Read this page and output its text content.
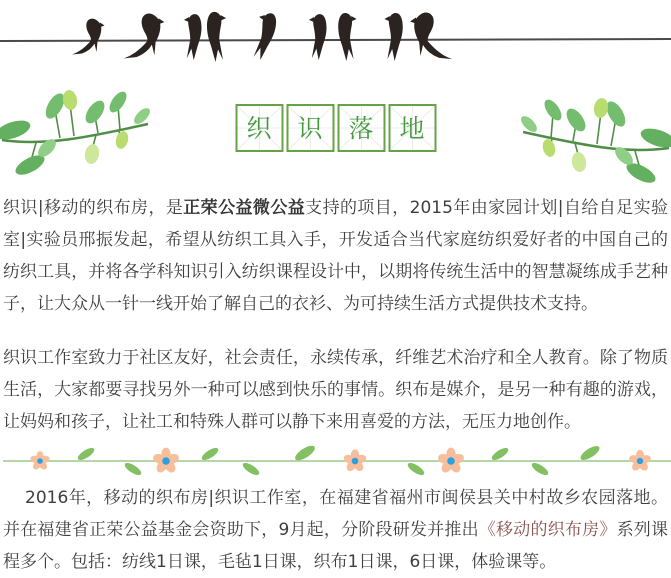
织 识 落 地

织识|移动的织布房，是正荣公益微公益支持的项目，2015年由家园计划|自给自足实验室|实验员邢振发起，希望从纺织工具入手，开发适合当代家庭纺织爱好者的中国自己的纺织工具，并将各学科知识引入纺织课程设计中，以期将传统生活中的智慧凝练成手艺种子，让大众从一针一线开始了解自己的衣衫、为可持续生活方式提供技术支持。

织识工作室致力于社区友好，社会责任，永续传承，纤维艺术治疗和全人教育。除了物质生活，大家都要寻找另外一种可以感到快乐的事情。织布是媒介，是另一种有趣的游戏，让妈妈和孩子，让社工和特殊人群可以静下来用喜爱的方法，无压力地创作。

2016年，移动的织布房|织识工作室，在福建省福州市闽侯县关中村故乡农园落地。并在福建省正荣公益基金会资助下，9月起，分阶段研发并推出《移动的织布房》系列课程多个。包括：纺线1日课，毛毡1日课，织布1日课，6日课，体验课等。
